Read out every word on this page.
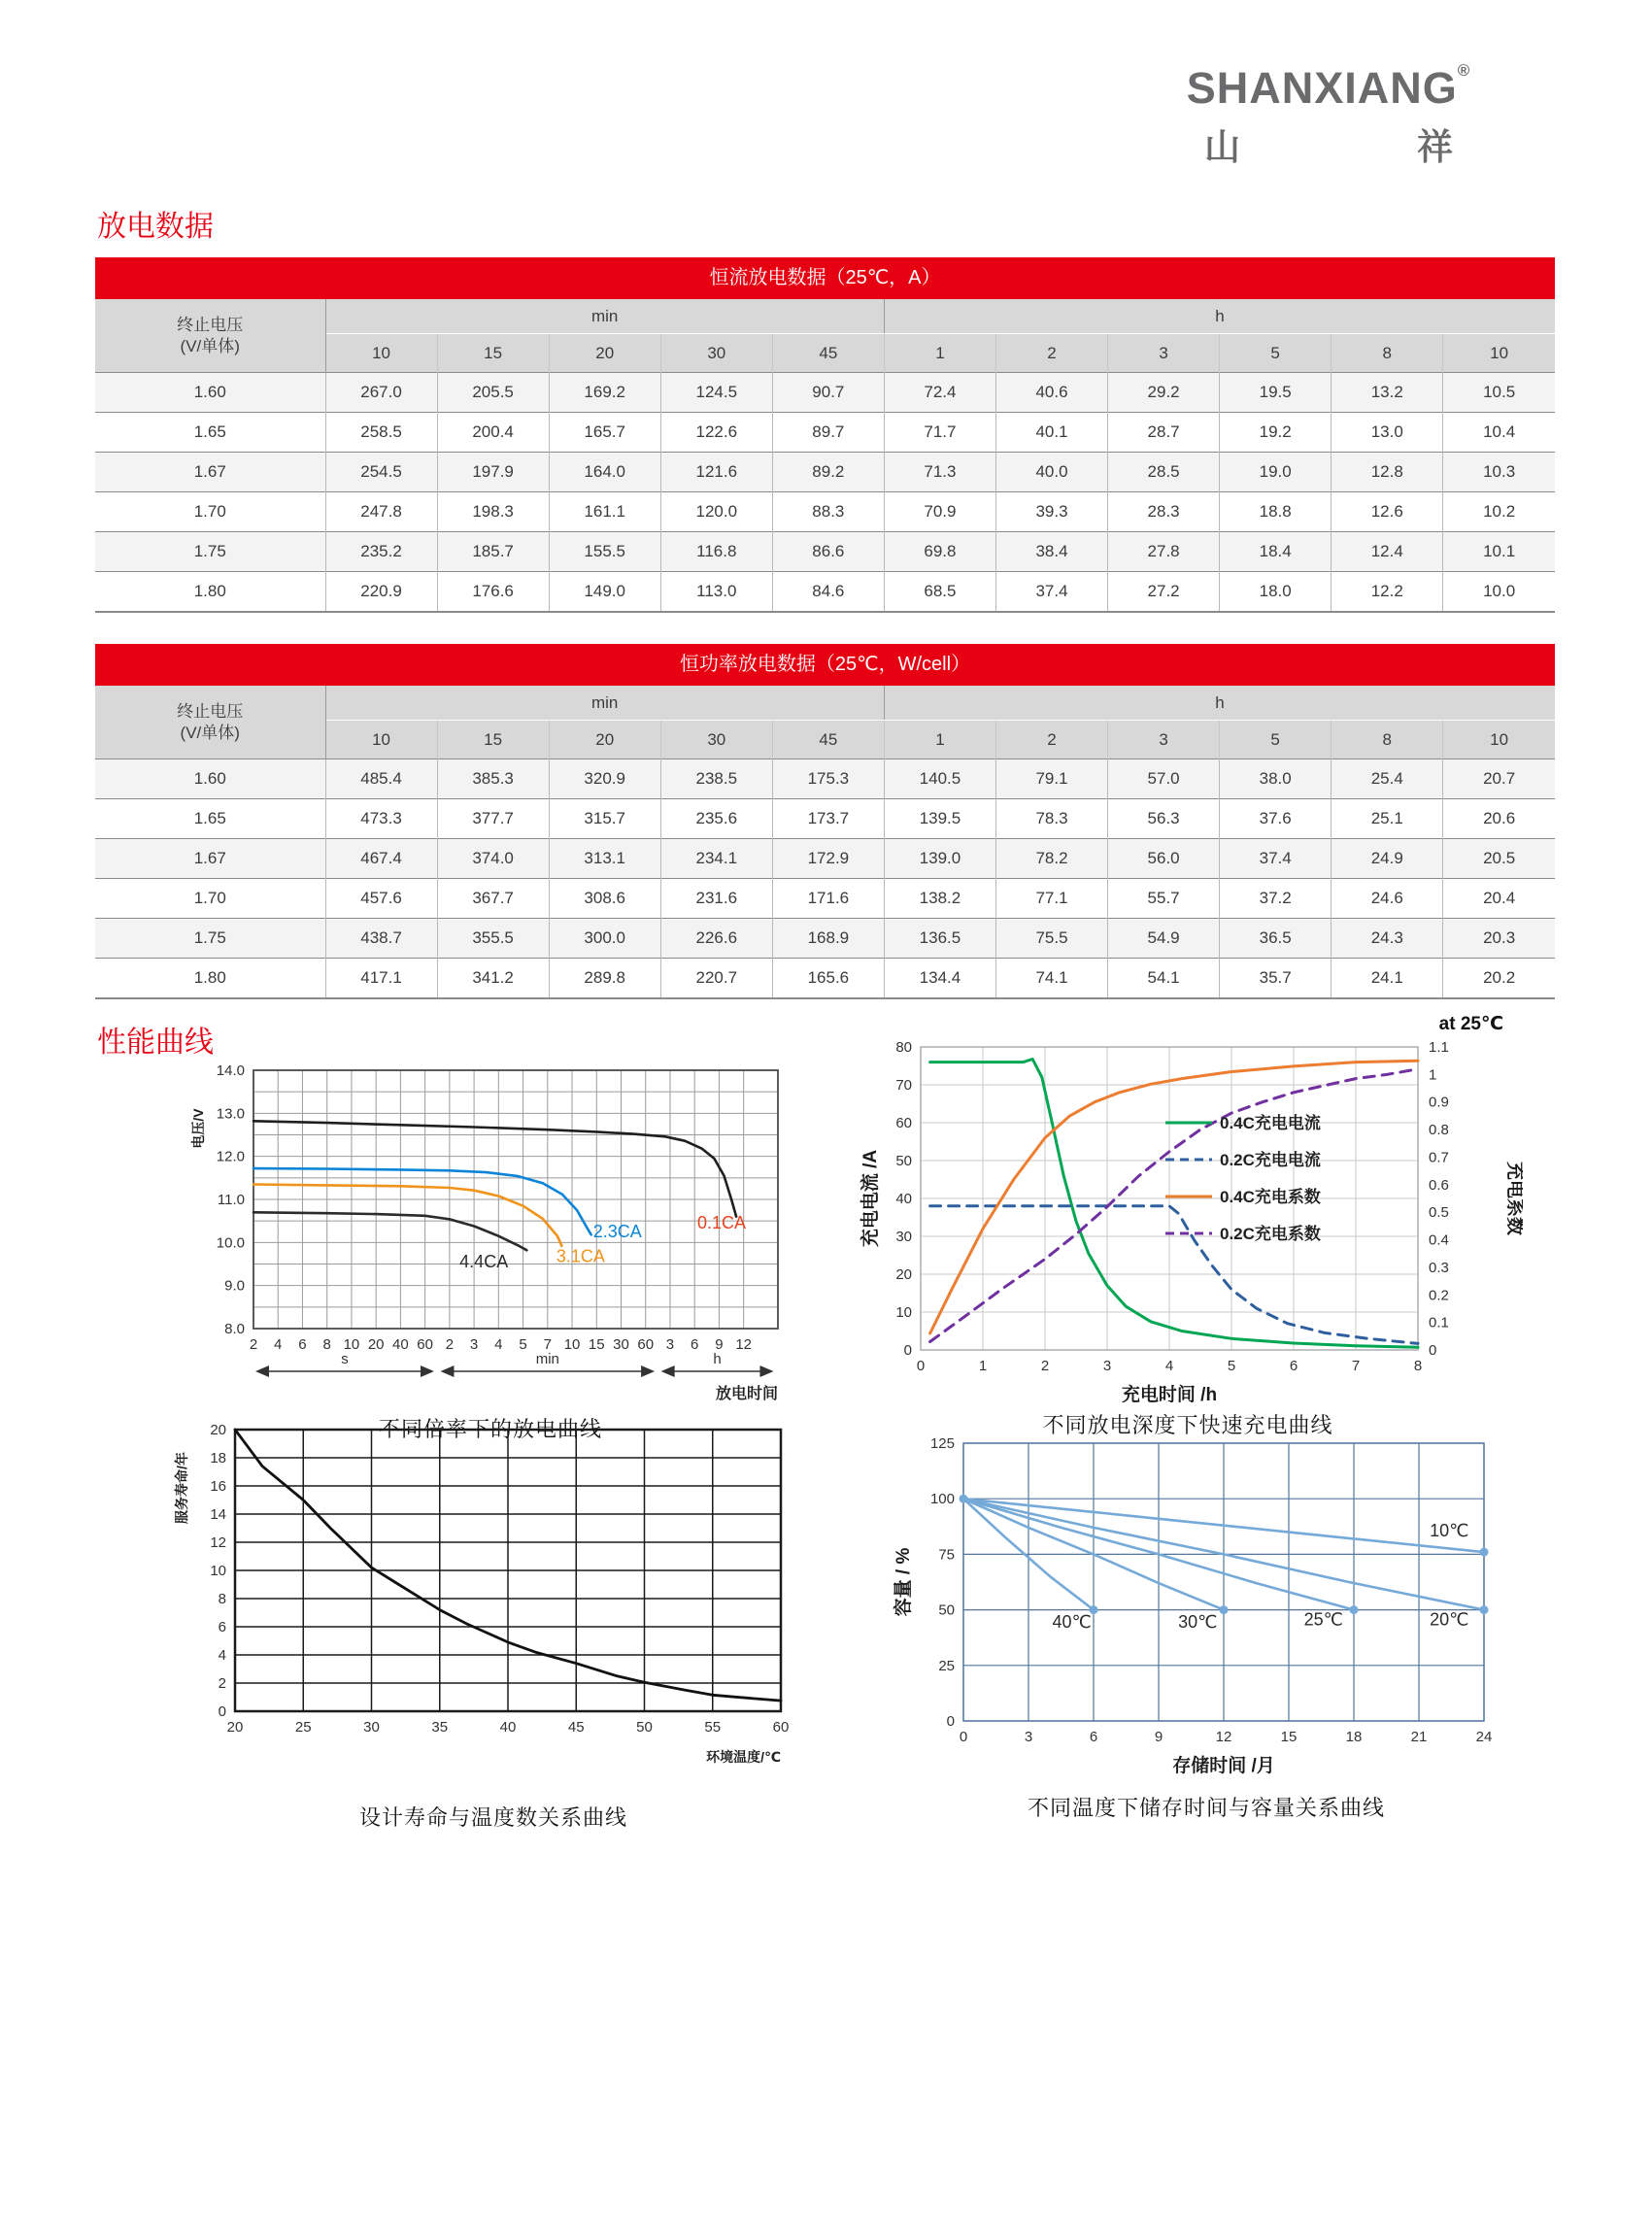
SHANXIANG®
山	祥
放电数据
恒流放电数据（25℃，A）
终止电压
(V/单体)	min					h					
	10	15	20	30	45	1	2	3	5	8	10
1.60	267.0	205.5	169.2	124.5	90.7	72.4	40.6	29.2	19.5	13.2	10.5
1.65	258.5	200.4	165.7	122.6	89.7	71.7	40.1	28.7	19.2	13.0	10.4
1.67	254.5	197.9	164.0	121.6	89.2	71.3	40.0	28.5	19.0	12.8	10.3
1.70	247.8	198.3	161.1	120.0	88.3	70.9	39.3	28.3	18.8	12.6	10.2
1.75	235.2	185.7	155.5	116.8	86.6	69.8	38.4	27.8	18.4	12.4	10.1
1.80	220.9	176.6	149.0	113.0	84.6	68.5	37.4	27.2	18.0	12.2	10.0
恒功率放电数据（25℃，W/cell）
终止电压
(V/单体)	min					h					
	10	15	20	30	45	1	2	3	5	8	10
1.60	485.4	385.3	320.9	238.5	175.3	140.5	79.1	57.0	38.0	25.4	20.7
1.65	473.3	377.7	315.7	235.6	173.7	139.5	78.3	56.3	37.6	25.1	20.6
1.67	467.4	374.0	313.1	234.1	172.9	139.0	78.2	56.0	37.4	24.9	20.5
1.70	457.6	367.7	308.6	231.6	171.6	138.2	77.1	55.7	37.2	24.6	20.4
1.75	438.7	355.5	300.0	226.6	168.9	136.5	75.5	54.9	36.5	24.3	20.3
1.80	417.1	341.2	289.8	220.7	165.6	134.4	74.1	54.1	35.7	24.1	20.2
性能曲线
2 4 6 8 10 20 40 60 2 3 4 5 7 10 15 30 60 3 6 9 12
8.0
9.0
10.0
11.0
12.0
13.0
14.0
0.1CA
2.3CA
3.1CA
4.4CA
s	min	h
放电时间
电压/V
不同倍率下的放电曲线
0	1	2	3	4	5	6	7	8
0
10
20
30
40
50
60
70
80
0
0.1
0.2
0.3
0.4
0.5
0.6
0.7
0.8
0.9
1
1.1
0.4C充电电流
0.2C充电电流
0.4C充电系数
0.2C充电系数
充电时间 /h
充电电流 /A	充电系数
at 25℃
不同放电深度下快速充电曲线
20	25	30	35	40	45	50	55	60
0
2
4
6
8
10
12
14
16
18
20
环境温度/℃
服务寿命/年
设计寿命与温度数关系曲线
0	3	6	9	12	15	18	21	24
0
25
50
75
100
125
40℃	30℃	25℃	20℃
10℃
存储时间 /月
容量 / %
不同温度下储存时间与容量关系曲线
